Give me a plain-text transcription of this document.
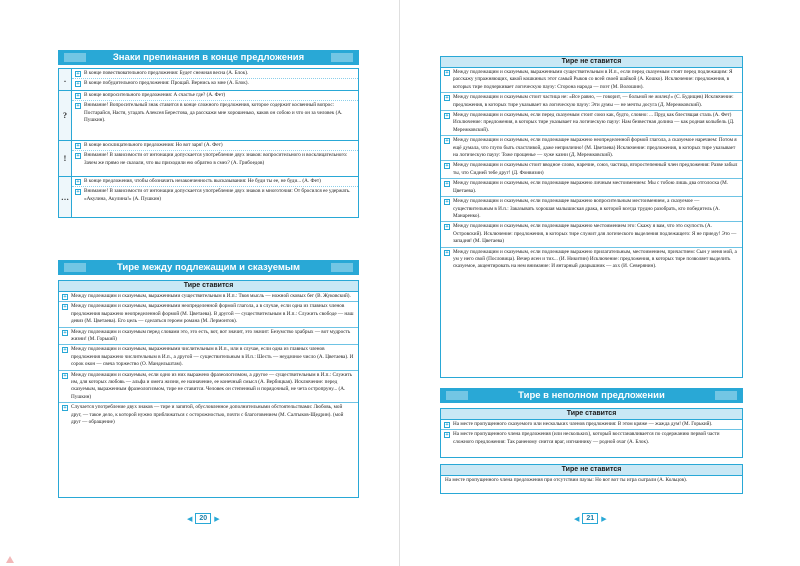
Знаки препинания в конце предложения
.
+ В конце повествовательного предложения: Будет снежная весна (А. Блок).
+ В конце побудительного предложения: Прощай. Вернись ко мне (А. Блок).
?
+ В конце вопросительного предложения: А счастье где? (А. Фет)
+ Внимание! Вопросительный знак ставится в конце сложного предложения, которое содержит косвенный вопрос: Постарайся, Настя, угадать Алексея Берестова, да расскажи мне хорошенько, каков он собою и что он за человек (А. Пушкин).
!
+ В конце восклицательного предложения: Но вот заря! (А. Фет)
+ Внимание! В зависимости от интонации допускается употребление двух знаков: вопросительного и восклицательного: Зачем же прямо не сказали, что вы приходили ею обратно в смех? (А. Грибоедов)
…
+ В конце предложения, чтобы обозначить незаконченность высказывания: Не буди ты ее, не буди... (А. Фет)
+ Внимание! В зависимости от интонации допускается употребление двух знаков и многоточия: От бросился ее удержать. «Акулина, Акулина!» (А. Пушкин)
Тире между подлежащим и сказуемым
Тире ставится
+ Между подлежащим и сказуемым, выраженными существительным в И.п.: Твоя мысль — ножной сковых бег (В. Жуковский).
+ Между подлежащим и сказуемым, выраженными неопределенной формой глагола, а в случае, если одна из главных членов предложения выражено неопределенной формой (М. Цветаева). В другой — существительным в И.п.: Служить свободе — наш девиз (М. Цветаева). Его цель — сделаться героем романа (М. Лермонтов).
+ Между подлежащим и сказуемым перед словами это, это есть, вот, вот значит, это значит: Безумство храбрых — вот мудрость жизни! (М. Горький)
+ Между подлежащим и сказуемым, выраженными числительным в И.п., или в случае, если одна из главных членов предложения выражено числительным в И.п., а другой — существительным в И.п.: Шесть — неудачное число (А. Цветаева). И сорок окон — свеча торжество (О. Мандельштам).
+ Между подлежащим и сказуемым, если одно из них выражено фразеологизмом, а другое — существительным в И.п.: Служить им, для которых любовь — альфа и омега жизни, ее назначение, ее конечный смысл (А. Вербицкая). Исключение: перед сказуемым, выраженным фразеологизмом, тире не ставится. Человек он степенный и порядочный, не чета остропруну... (А. Пушкин)
+ Случается употребление двух знаков — тире и запятой, обусловленное дополнительными обстоятельствами: Любовь, мой друг, — такое дело, к которой нужно приближаться с осторожностью, почти с благоговением (М. Салтыков-Щедрин). (мой друг — обращение)
◀	20	▶
Тире не ставится
+ Между подлежащим и сказуемым, выраженными существительным в И.п., если перед сказуемым стоят перед подлежащим: Я расскажу упражняющих, какой кошкиных этот самый Рыков со всей своей шайкой (А. Кошко). Исключение: предложения, в которых тире подчеркивает логическую паузу: Сторона народа — поэт (М. Волошин).
+ Между подлежащим и сказуемым стоит частица не: «Все равно, — говорит, — больной не жилец!» (С. Будищев) Исключение: предложения, в которых тире указывает на логическую паузу: Эти думы — не мечты досуга (Д. Мережковский).
+ Между подлежащим и сказуемым, если перед сказуемым стоит союз как, будто, словно: ... Пруд как блестящая сталь (А. Фет) Исключение: предложения, в которых тире указывает на логическую паузу: Нам безвестная долина — как родная колыбель (Д. Мережковский).
+ Между подлежащим и сказуемым, если подлежащее выражено неопределенной формой глагола, а сказуемое наречием: Потом я ещё думала, что глупо быть счастливой, даже неприлично! (М. Цветаева) Исключение: предложения, в которых тире указывает на логическую паузу: Тоже прощенье — хуже казни (Д. Мережковский).
+ Между подлежащим и сказуемым стоит вводное слово, наречие, союз, частица, второстепенный член предложения: Разве забыл ты, что Сидней тебе друг! (Д. Фонвизин)
+ Между подлежащим и сказуемым, если подлежащее выражено личным местоимением: Мы с тобою лишь два отголоска (М. Цветаева).
+ Между подлежащим и сказуемым, если подлежащее выражено вопросительным местоимением, а сказуемое — существительным в И.п.: Заказывать хорошая малышиская драка, в которой всегда трудно разобрать, кто победитель (А. Манаренко).
+ Между подлежащим и сказуемым, если подлежащее выражено местоимением это: Скажу я вам, что это скупость (А. Островский). Исключение: предложения, в которых тире служит для логического выделения подлежащего: Я не приеду! Это — западня! (М. Цветаева)
+ Между подлежащим и сказуемым, если подлежащее выражено прилагательным, местоимением, причастием: Сын у меня мой, а ум у него свой (Пословица). Вечер ясен и тих... (И. Никитин) Исключение: предложения, в которых тире позволяет выделить сказуемое, акцентировать на нем внимание: И янтарный диарышник — ахх (И. Северянин).
Тире в неполном предложении
Тире ставится
+ На месте пропущенного сказуемого или нескольких членов предложения: В этом кряже — жажда дум! (М. Горький).
+ На месте пропущенного члена предложения (или нескольких), который восстанавливается по содержанию первой части сложного предложения: Так раненому снится враг, изгнаннику — родной очаг (А. Блок).
Тире не ставится
На месте пропущенного члена предложения при отсутствии паузы: Но вот вот ты игра сыграли (А. Кольцов).
◀	21	▶
